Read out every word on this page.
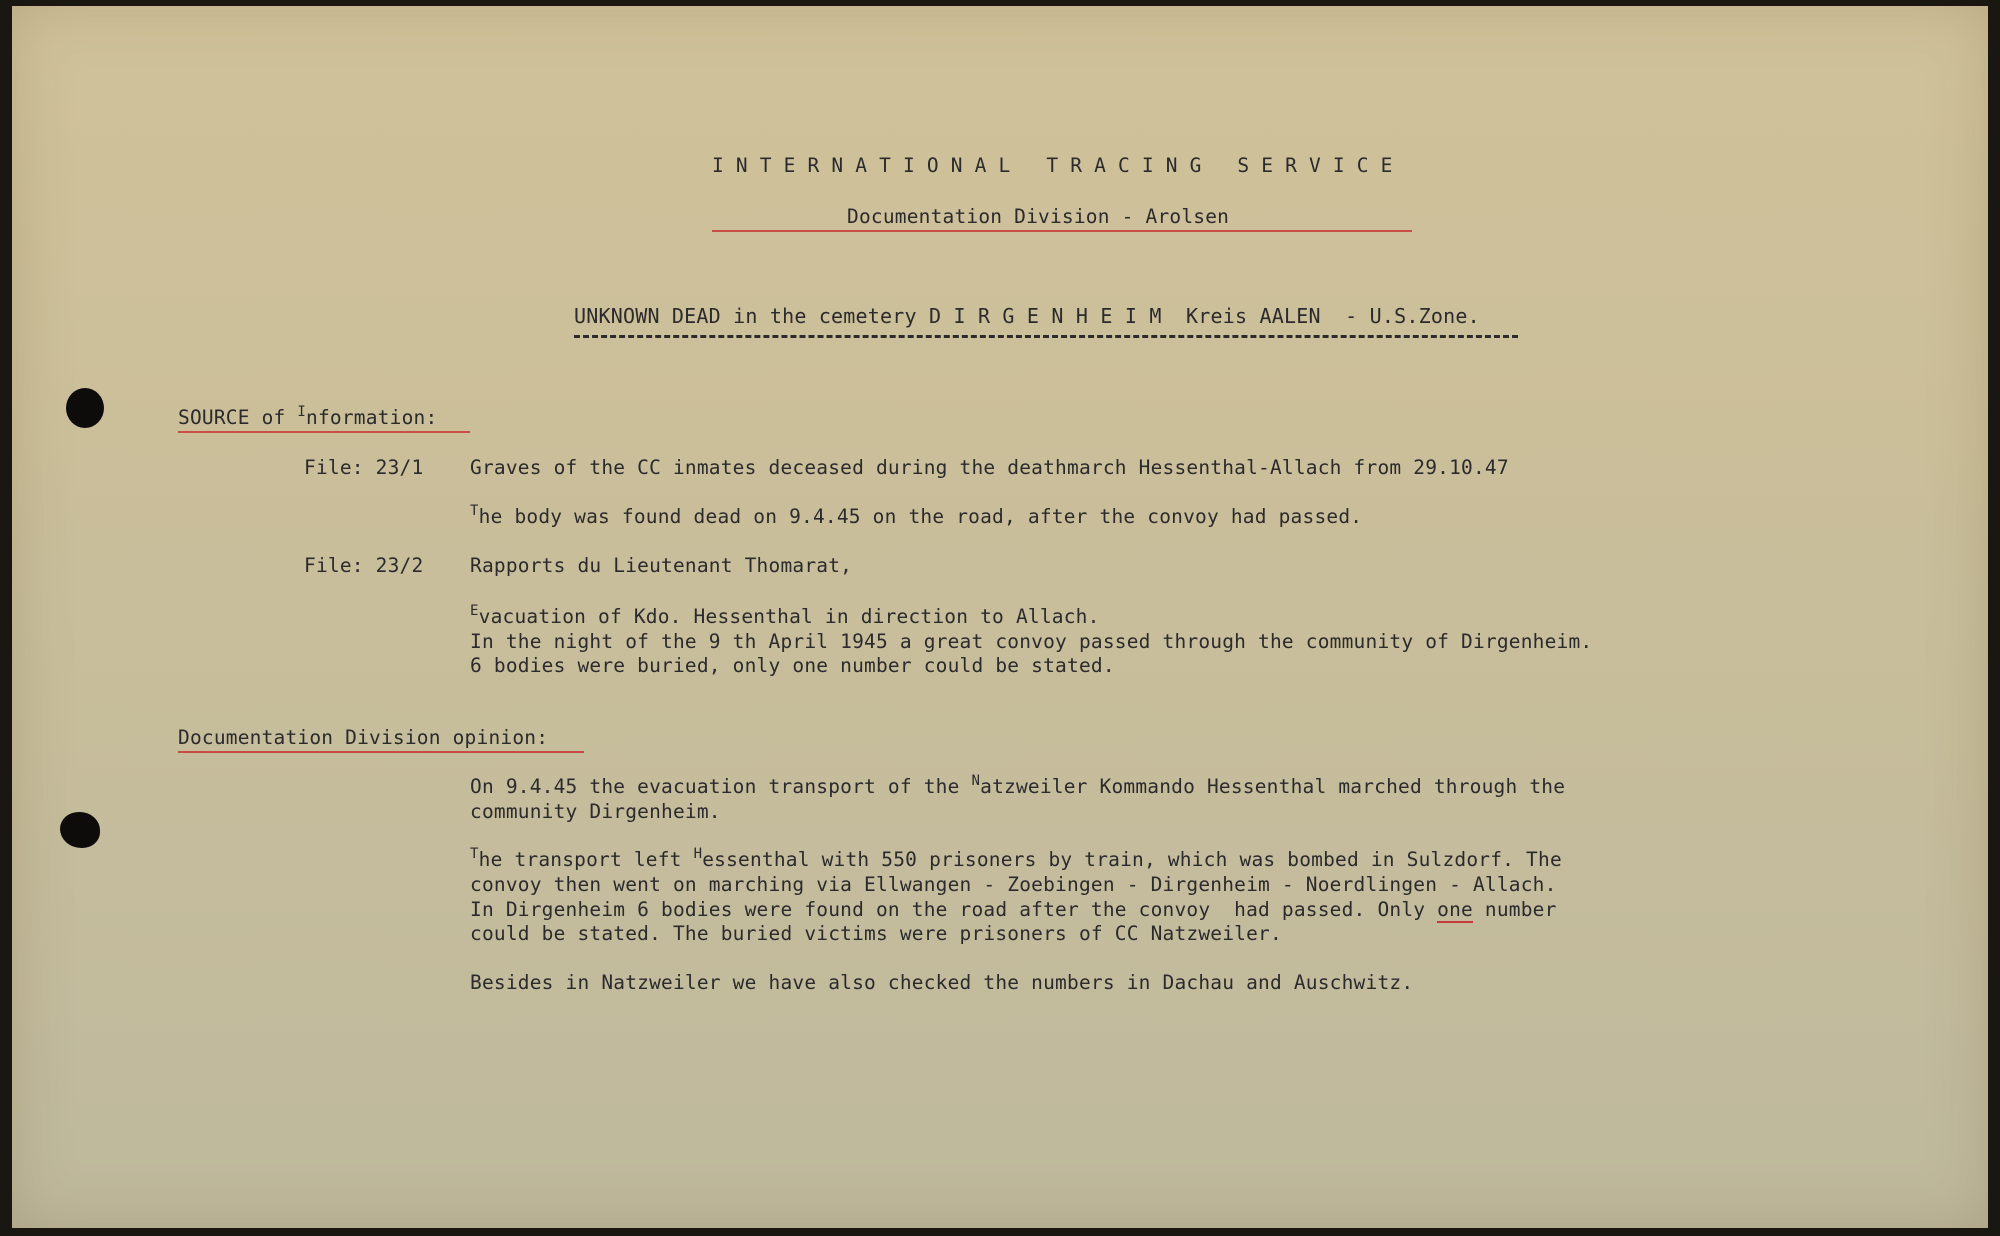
I N T E R N A T I O N A L   T R A C I N G   S E R V I C E
Documentation Division - Arolsen
UNKNOWN DEAD in the cemetery D I R G E N H E I M  Kreis AALEN  - U.S.Zone.
SOURCE of $^I$nformation:
File: 23/1 Graves of the CC inmates deceased during the deathmarch Hessenthal-Allach from 29.10.47
$^T$he body was found dead on 9.4.45 on the road, after the convoy had passed.
File: 23/2 Rapports du Lieutenant Thomarat,
$^E$vacuation of Kdo. Hessenthal in direction to Allach.
In the night of the 9 th April 1945 a great convoy passed through the community of Dirgenheim.
6 bodies were buried, only one number could be stated.
Documentation Division opinion:
On 9.4.45 the evacuation transport of the $^N$atzweiler Kommando Hessenthal marched through the
community Dirgenheim.
$^T$he transport left $^H$essenthal with 550 prisoners by train, which was bombed in Sulzdorf. The
convoy then went on marching via Ellwangen - Zoebingen - Dirgenheim - Noerdlingen - Allach.
In Dirgenheim 6 bodies were found on the road after the convoy  had passed. Only one number
could be stated. The buried victims were prisoners of CC Natzweiler.
Besides in Natzweiler we have also checked the numbers in Dachau and Auschwitz.
